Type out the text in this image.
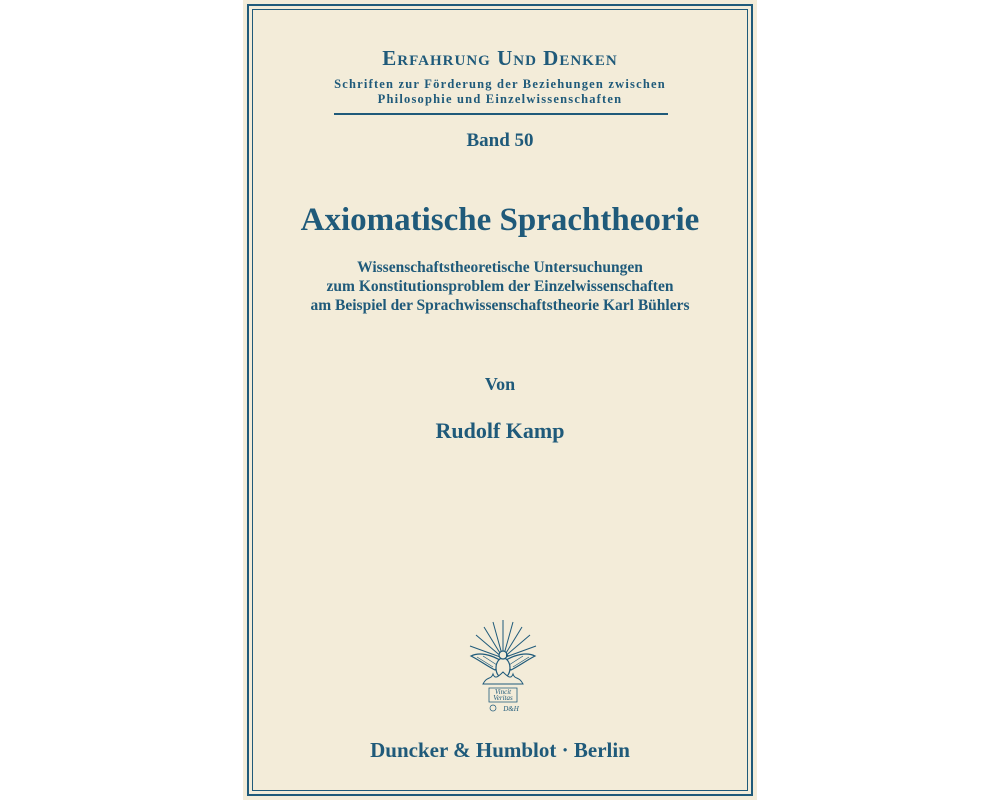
Erfahrung Und Denken
Schriften zur Förderung der Beziehungen zwischen
Philosophie und Einzelwissenschaften
Band 50
Axiomatische Sprachtheorie
Wissenschaftstheoretische Untersuchungen
zum Konstitutionsproblem der Einzelwissenschaften
am Beispiel der Sprachwissenschaftstheorie Karl Bühlers
Von
Rudolf Kamp
Vincit
Veritas
D&H
Duncker & Humblot · Berlin
